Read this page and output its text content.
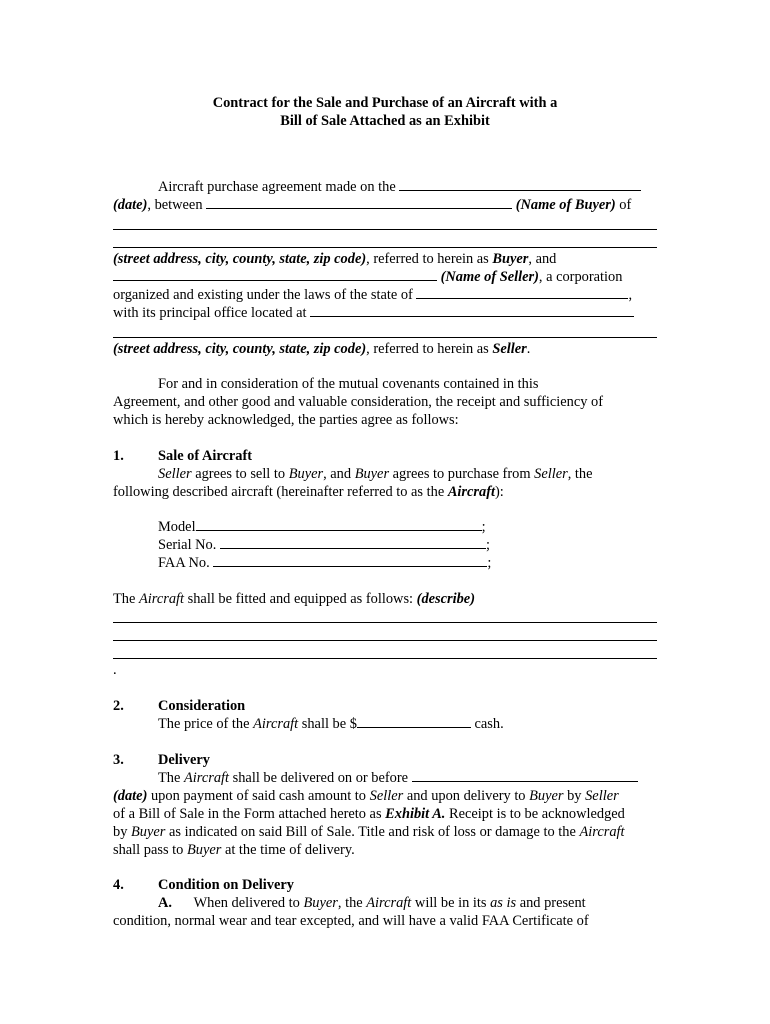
Contract for the Sale and Purchase of an Aircraft with a

Bill of Sale Attached as an Exhibit

Aircraft purchase agreement made on the
(date), between	(Name of Buyer) of
(street address, city, county, state, zip code), referred to herein as Buyer, and
(Name of Seller), a corporation
organized and existing under the laws of the state of	,
with its principal office located at
(street address, city, county, state, zip code), referred to herein as Seller.
For and in consideration of the mutual covenants contained in this
Agreement, and other good and valuable consideration, the receipt and sufficiency of
which is hereby acknowledged, the parties agree as follows:
1. Sale of Aircraft
Seller agrees to sell to Buyer, and Buyer agrees to purchase from Seller, the
following described aircraft (hereinafter referred to as the Aircraft):
Model	;
Serial No.	;
FAA No.	;
The Aircraft shall be fitted and equipped as follows: (describe)
.
2. Consideration
The price of the Aircraft shall be $	cash.
3. Delivery
The Aircraft shall be delivered on or before
(date) upon payment of said cash amount to Seller and upon delivery to Buyer by Seller
of a Bill of Sale in the Form attached hereto as Exhibit A. Receipt is to be acknowledged
by Buyer as indicated on said Bill of Sale. Title and risk of loss or damage to the Aircraft
shall pass to Buyer at the time of delivery.
4. Condition on Delivery
A. When delivered to Buyer, the Aircraft will be in its as is and present
condition, normal wear and tear excepted, and will have a valid FAA Certificate of
